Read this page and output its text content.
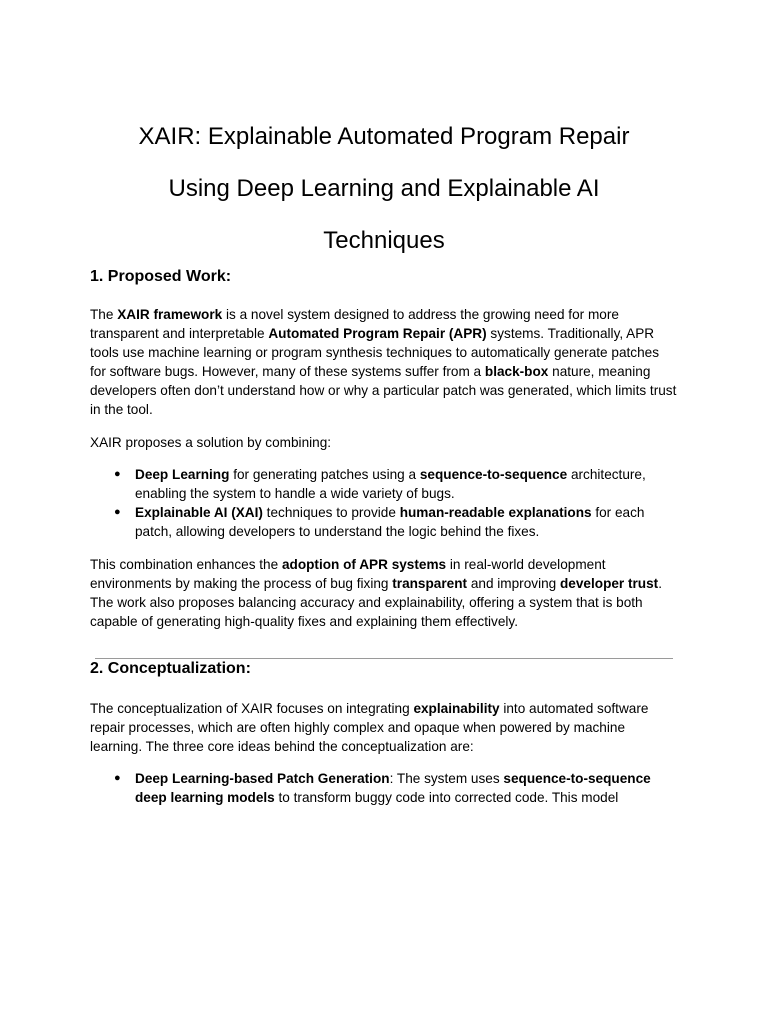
XAIR: Explainable Automated Program Repair
Using Deep Learning and Explainable AI
Techniques
1. Proposed Work:

The XAIR framework is a novel system designed to address the growing need for more transparent and interpretable Automated Program Repair (APR) systems. Traditionally, APR tools use machine learning or program synthesis techniques to automatically generate patches for software bugs. However, many of these systems suffer from a black-box nature, meaning developers often don’t understand how or why a particular patch was generated, which limits trust in the tool.

XAIR proposes a solution by combining:

● Deep Learning for generating patches using a sequence-to-sequence architecture, enabling the system to handle a wide variety of bugs.
● Explainable AI (XAI) techniques to provide human-readable explanations for each patch, allowing developers to understand the logic behind the fixes.

This combination enhances the adoption of APR systems in real-world development environments by making the process of bug fixing transparent and improving developer trust. The work also proposes balancing accuracy and explainability, offering a system that is both capable of generating high-quality fixes and explaining them effectively.

2. Conceptualization:

The conceptualization of XAIR focuses on integrating explainability into automated software repair processes, which are often highly complex and opaque when powered by machine learning. The three core ideas behind the conceptualization are:

● Deep Learning-based Patch Generation: The system uses sequence-to-sequence deep learning models to transform buggy code into corrected code. This model
